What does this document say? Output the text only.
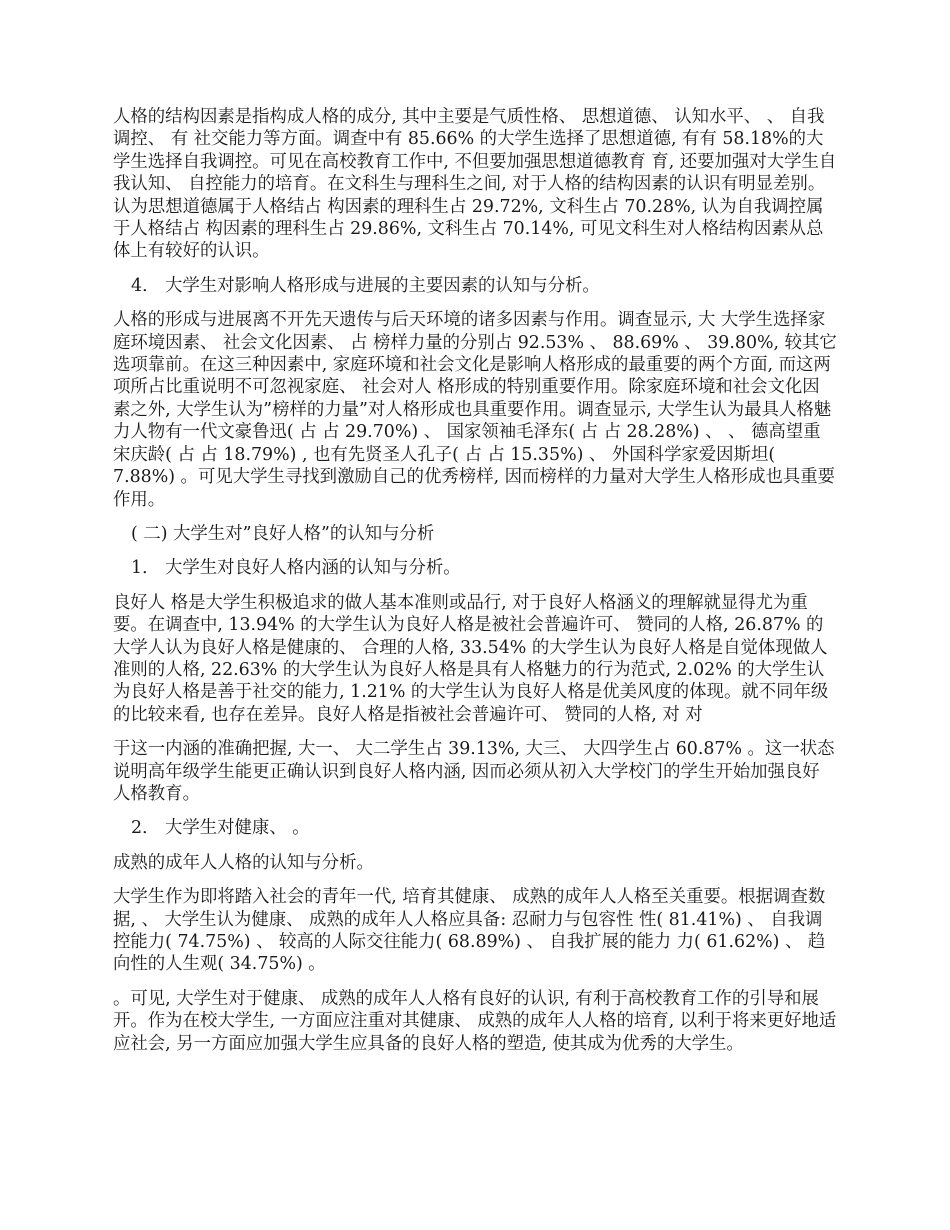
人格的结构因素是指构成人格的成分, 其中主要是气质性格、 思想道德、 认知水平、 、 自我调控、 有 社交能力等方面。调查中有 85.66% 的大学生选择了思想道德, 有有 58.18%的大学生选择自我调控。可见在高校教育工作中, 不但要加强思想道德教育 育, 还要加强对大学生自我认知、 自控能力的培育。在文科生与理科生之间, 对于人格的结构因素的认识有明显差别。认为思想道德属于人格结占 构因素的理科生占 29.72%, 文科生占 70.28%, 认为自我调控属于人格结占 构因素的理科生占 29.86%, 文科生占 70.14%, 可见文科生对人格结构因素从总体上有较好的认识。

4． 大学生对影响人格形成与进展的主要因素的认知与分析。

人格的形成与进展离不开先天遗传与后天环境的诸多因素与作用。调查显示, 大 大学生选择家庭环境因素、 社会文化因素、 占 榜样力量的分别占 92.53% 、 88.69% 、 39.80%, 较其它选项靠前。在这三种因素中, 家庭环境和社会文化是影响人格形成的最重要的两个方面, 而这两项所占比重说明不可忽视家庭、 社会对人 格形成的特别重要作用。除家庭环境和社会文化因素之外, 大学生认为”榜样的力量”对人格形成也具重要作用。调查显示, 大学生认为最具人格魅力人物有一代文豪鲁迅( 占 占 29.70%) 、 国家领袖毛泽东( 占 占 28.28%) 、 、 德高望重宋庆龄( 占 占 18.79%) , 也有先贤圣人孔子( 占 占 15.35%) 、 外国科学家爱因斯坦( 7.88%) 。可见大学生寻找到激励自己的优秀榜样, 因而榜样的力量对大学生人格形成也具重要作用。

( 二) 大学生对”良好人格”的认知与分析

1． 大学生对良好人格内涵的认知与分析。

良好人 格是大学生积极追求的做人基本准则或品行, 对于良好人格涵义的理解就显得尤为重要。在调查中, 13.94% 的大学生认为良好人格是被社会普遍许可、 赞同的人格, 26.87% 的大学人认为良好人格是健康的、 合理的人格, 33.54% 的大学生认为良好人格是自觉体现做人准则的人格, 22.63% 的大学生认为良好人格是具有人格魅力的行为范式, 2.02% 的大学生认为良好人格是善于社交的能力, 1.21% 的大学生认为良好人格是优美风度的体现。就不同年级的比较来看, 也存在差异。良好人格是指被社会普遍许可、 赞同的人格, 对 对

于这一内涵的准确把握, 大一、 大二学生占 39.13%, 大三、 大四学生占 60.87% 。这一状态说明高年级学生能更正确认识到良好人格内涵, 因而必须从初入大学校门的学生开始加强良好人格教育。

2． 大学生对健康、 。

成熟的成年人人格的认知与分析。

大学生作为即将踏入社会的青年一代, 培育其健康、 成熟的成年人人格至关重要。根据调查数据, 、 大学生认为健康、 成熟的成年人人格应具备: 忍耐力与包容性 性( 81.41%) 、 自我调控能力( 74.75%) 、 较高的人际交往能力( 68.89%) 、 自我扩展的能力 力( 61.62%) 、 趋向性的人生观( 34.75%) 。

。可见, 大学生对于健康、 成熟的成年人人格有良好的认识, 有利于高校教育工作的引导和展开。作为在校大学生, 一方面应注重对其健康、 成熟的成年人人格的培育, 以利于将来更好地适应社会, 另一方面应加强大学生应具备的良好人格的塑造, 使其成为优秀的大学生。
